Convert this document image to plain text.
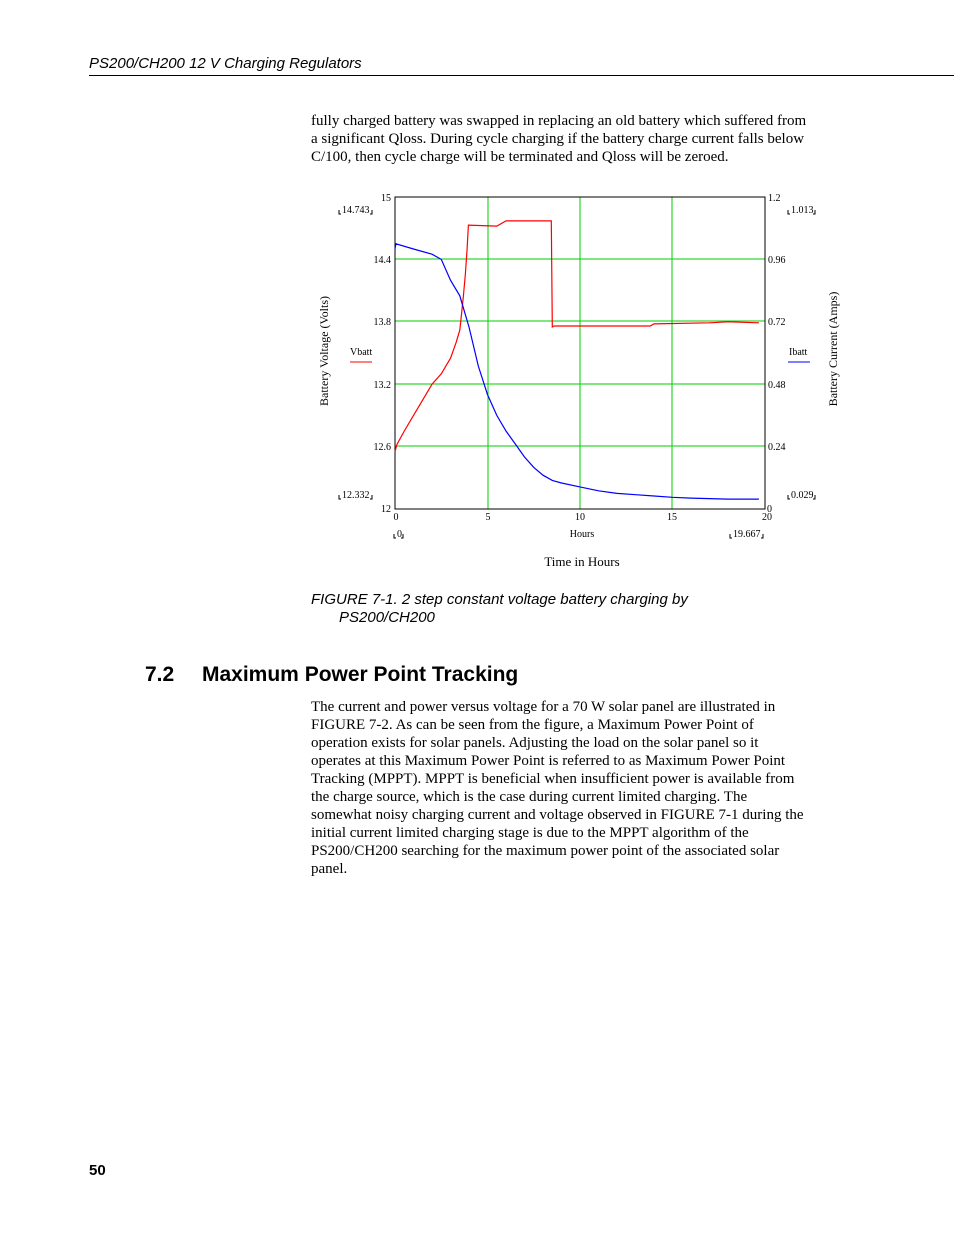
PS200/CH200 12 V Charging Regulators

fully charged battery was swapped in replacing an old battery which suffered from a significant Qloss. During cycle charging if the battery charge current falls below C/100, then cycle charge will be terminated and Qloss will be zeroed.

15
14.4
13.8
13.2
12.6
12
1.2
0.96
0.72
0.48
0.24
0
0	5	10	15	20
14.743
12.332
1.013
0.029
0	19.667
Vbatt	Ibatt
Battery Voltage (Volts)	Battery Current (Amps)
Hours
Time in Hours
FIGURE 7-1. 2 step constant voltage battery charging by
PS200/CH200
7.2 Maximum Power Point Tracking

The current and power versus voltage for a 70 W solar panel are illustrated in FIGURE 7-2. As can be seen from the figure, a Maximum Power Point of operation exists for solar panels. Adjusting the load on the solar panel so it operates at this Maximum Power Point is referred to as Maximum Power Point Tracking (MPPT). MPPT is beneficial when insufficient power is available from the charge source, which is the case during current limited charging. The somewhat noisy charging current and voltage observed in FIGURE 7-1 during the initial current limited charging stage is due to the MPPT algorithm of the PS200/CH200 searching for the maximum power point of the associated solar panel.

50
